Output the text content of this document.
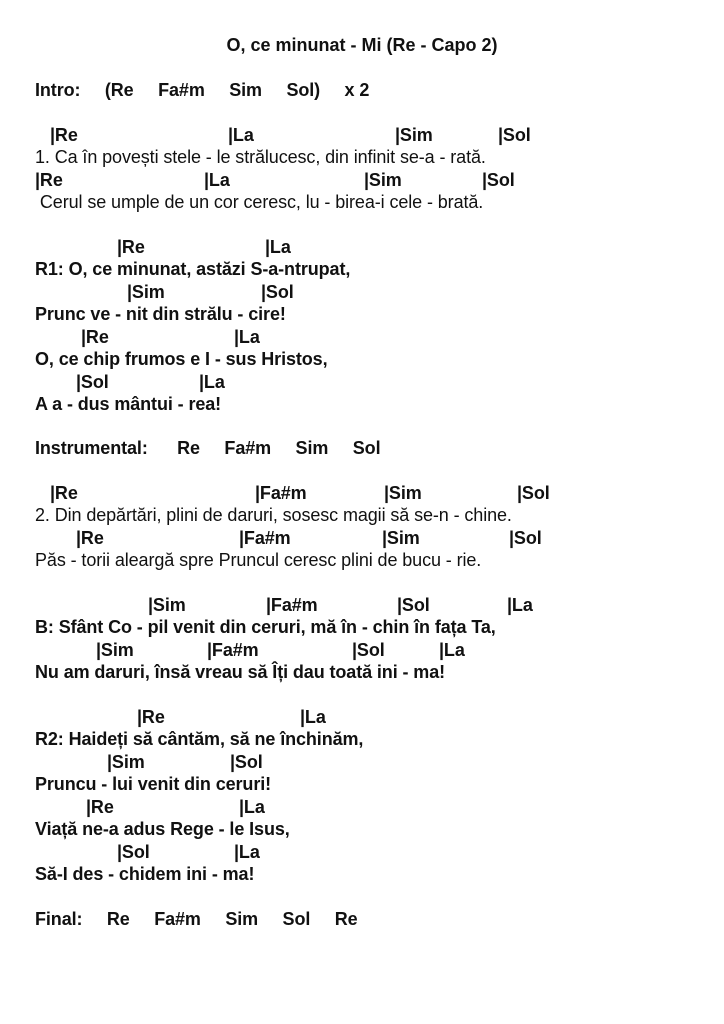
O, ce minunat - Mi (Re - Capo 2)
Intro:     (Re     Fa#m     Sim     Sol)     x 2

|Re

	|La

	|Sim

	|Sol

1. Ca în povești stele - le strălucesc, din infinit se-a - rată.

|Re

	|La

	|Sim

	|Sol

Cerul se umple de un cor ceresc, lu - birea-i cele - brată.

|Re

	|La

R1: O, ce minunat, astăzi S-a-ntrupat,

|Sim

	|Sol

Prunc ve - nit din strălu - cire!

|Re

	|La

O, ce chip frumos e I - sus Hristos,

|Sol

	|La

A a - dus mântui - rea!
Instrumental:      Re     Fa#m     Sim     Sol

|Re

	|Fa#m

	|Sim

	|Sol

2. Din depărtări, plini de daruri, sosesc magii să se-n - chine.

|Re

	|Fa#m

	|Sim

	|Sol

Păs - torii aleargă spre Pruncul ceresc plini de bucu - rie.

|Sim

	|Fa#m

	|Sol

	|La

B: Sfânt Co - pil venit din ceruri, mă în - chin în fața Ta,

|Sim

	|Fa#m

	|Sol

	|La

Nu am daruri, însă vreau să Îți dau toată ini - ma!

|Re

	|La

R2: Haideți să cântăm, să ne închinăm,

|Sim

	|Sol

Pruncu - lui venit din ceruri!

|Re

	|La

Viață ne-a adus Rege - le Isus,

|Sol

	|La

Să-I des - chidem ini - ma!
Final:     Re     Fa#m     Sim     Sol     Re
